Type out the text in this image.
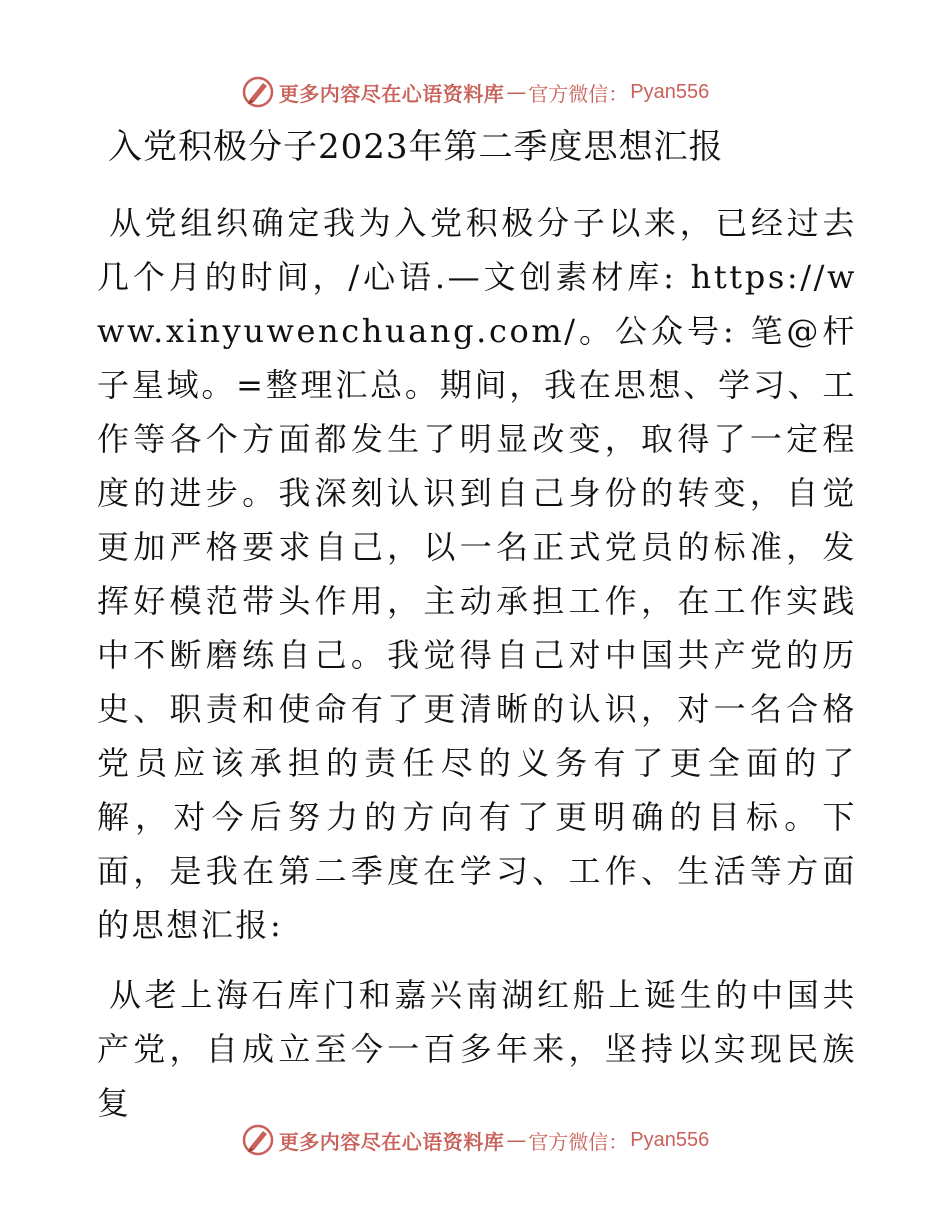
更多内容尽在心语资料库 — 官方微信： Pyan556
入党积极分子2023年第二季度思想汇报

从党组织确定我为入党积极分子以来，已经过去几个月的时间，/心语.—文创素材库: https://www.xinyuwenchuang.com/。公众号: 笔@杆子星域。=整理汇总。期间，我在思想、学习、工作等各个方面都发生了明显改变，取得了一定程度的进步。我深刻认识到自己身份的转变，自觉更加严格要求自己，以一名正式党员的标准，发挥好模范带头作用，主动承担工作，在工作实践中不断磨练自己。我觉得自己对中国共产党的历史、职责和使命有了更清晰的认识，对一名合格党员应该承担的责任尽的义务有了更全面的了解，对今后努力的方向有了更明确的目标。下面，是我在第二季度在学习、工作、生活等方面的思想汇报:

从老上海石库门和嘉兴南湖红船上诞生的中国共产党，自成立至今一百多年来，坚持以实现民族复

更多内容尽在心语资料库 — 官方微信： Pyan556
